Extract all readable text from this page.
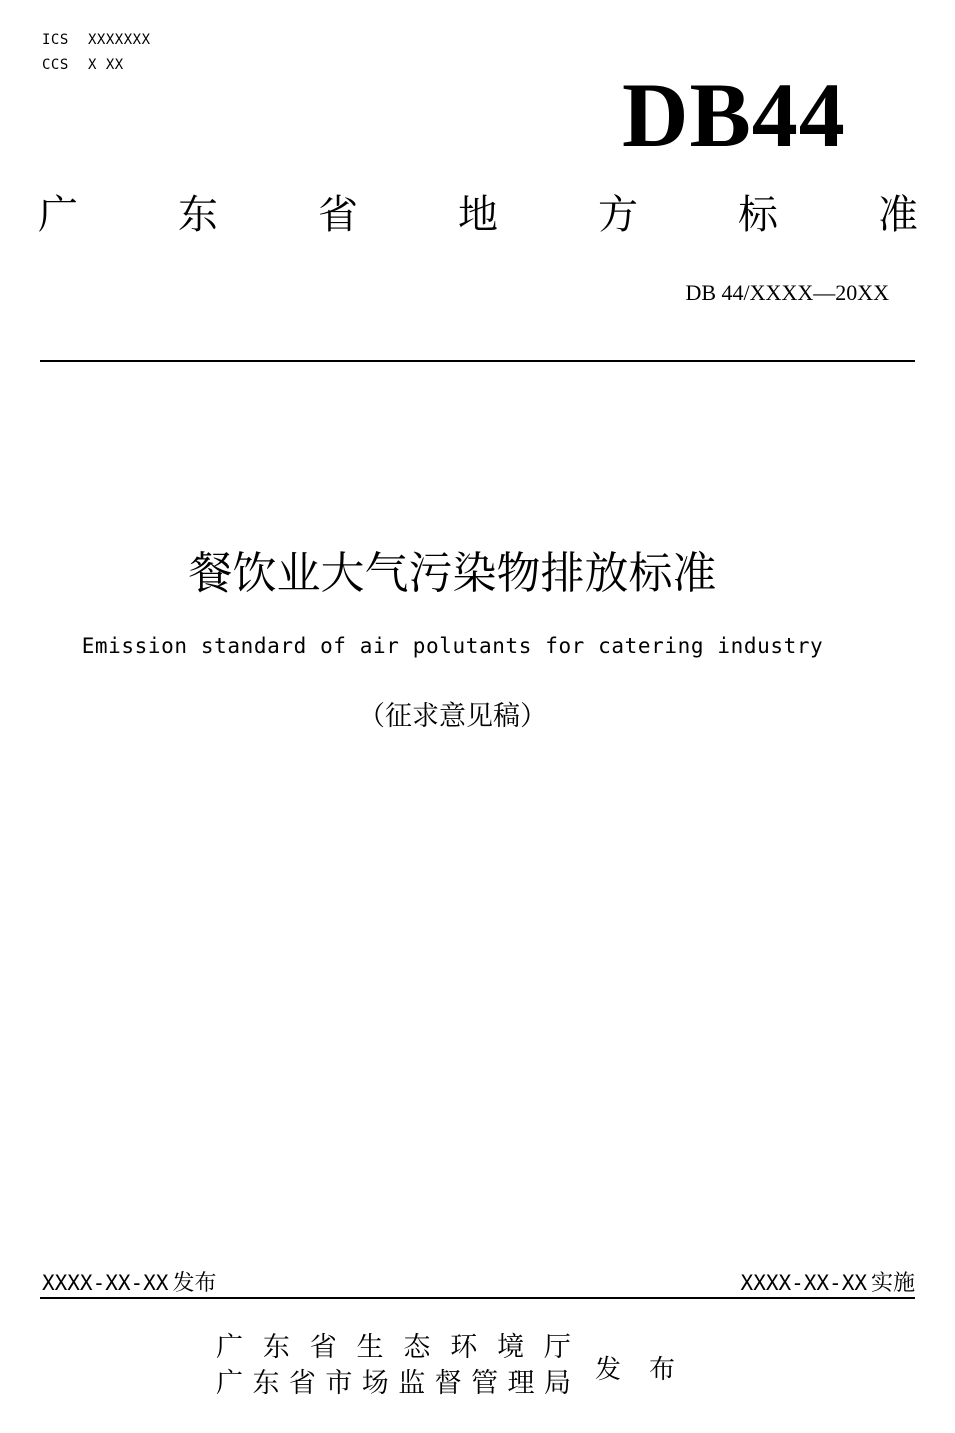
ICS XXXXXXX
CCS X XX	DB44
广	东	省	地	方	标	准
DB 44/XXXX—20XX
餐饮业大气污染物排放标准
Emission standard of air polutants for catering industry
（征求意见稿）
XXXX-XX-XX 发布	XXXX-XX-XX 实施
广 东 省 生 态 环 境 厅
广 东 省 市 场 监 督 管 理 局 发 布
